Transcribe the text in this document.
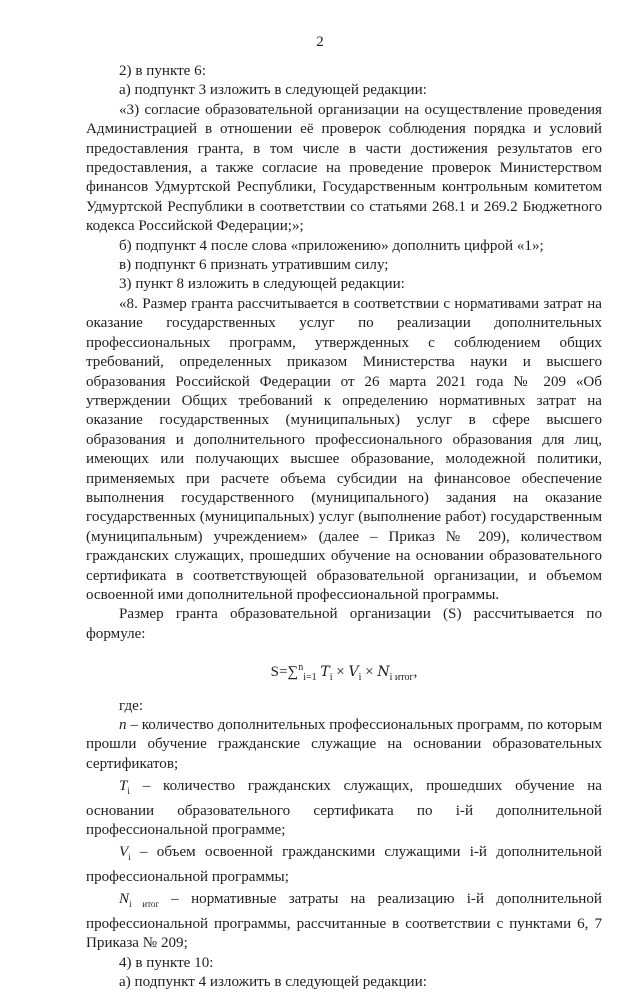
2

2) в пункте 6:

а) подпункт 3 изложить в следующей редакции:

«3) согласие образовательной организации на осуществление проведения Администрацией в отношении её проверок соблюдения порядка и условий предоставления гранта, в том числе в части достижения результатов его предоставления, а также согласие на проведение проверок Министерством финансов Удмуртской Республики, Государственным контрольным комитетом Удмуртской Республики в соответствии со статьями 268.1 и 269.2 Бюджетного кодекса Российской Федерации;»;

б) подпункт 4 после слова «приложению» дополнить цифрой «1»;

в) подпункт 6 признать утратившим силу;

3) пункт 8 изложить в следующей редакции:

«8. Размер гранта рассчитывается в соответствии с нормативами затрат на оказание государственных услуг по реализации дополнительных профессиональных программ, утвержденных с соблюдением общих требований, определенных приказом Министерства науки и высшего образования Российской Федерации от 26 марта 2021 года № 209 «Об утверждении Общих требований к определению нормативных затрат на оказание государственных (муниципальных) услуг в сфере высшего образования и дополнительного профессионального образования для лиц, имеющих или получающих высшее образование, молодежной политики, применяемых при расчете объема субсидии на финансовое обеспечение выполнения государственного (муниципального) задания на оказание государственных (муниципальных) услуг (выполнение работ) государственным (муниципальным) учреждением» (далее – Приказ № 209), количеством гражданских служащих, прошедших обучение на основании образовательного сертификата в соответствующей образовательной организации, и объемом освоенной ими дополнительной профессиональной программы.

Размер гранта образовательной организации (S) рассчитывается по формуле:

S=∑$^n_{i=1}$ $T_i \times V_i \times N_{i итог}$,

где:

n – количество дополнительных профессиональных программ, по которым прошли обучение гражданские служащие на основании образовательных сертификатов;

$T_i$ – количество гражданских служащих, прошедших обучение на основании образовательного сертификата по i-й дополнительной профессиональной программе;

$V_i$ – объем освоенной гражданскими служащими i-й дополнительной профессиональной программы;

$N_{i итог}$ – нормативные затраты на реализацию i-й дополнительной профессиональной программы, рассчитанные в соответствии с пунктами 6, 7 Приказа № 209;

4) в пункте 10:

а) подпункт 4 изложить в следующей редакции:
